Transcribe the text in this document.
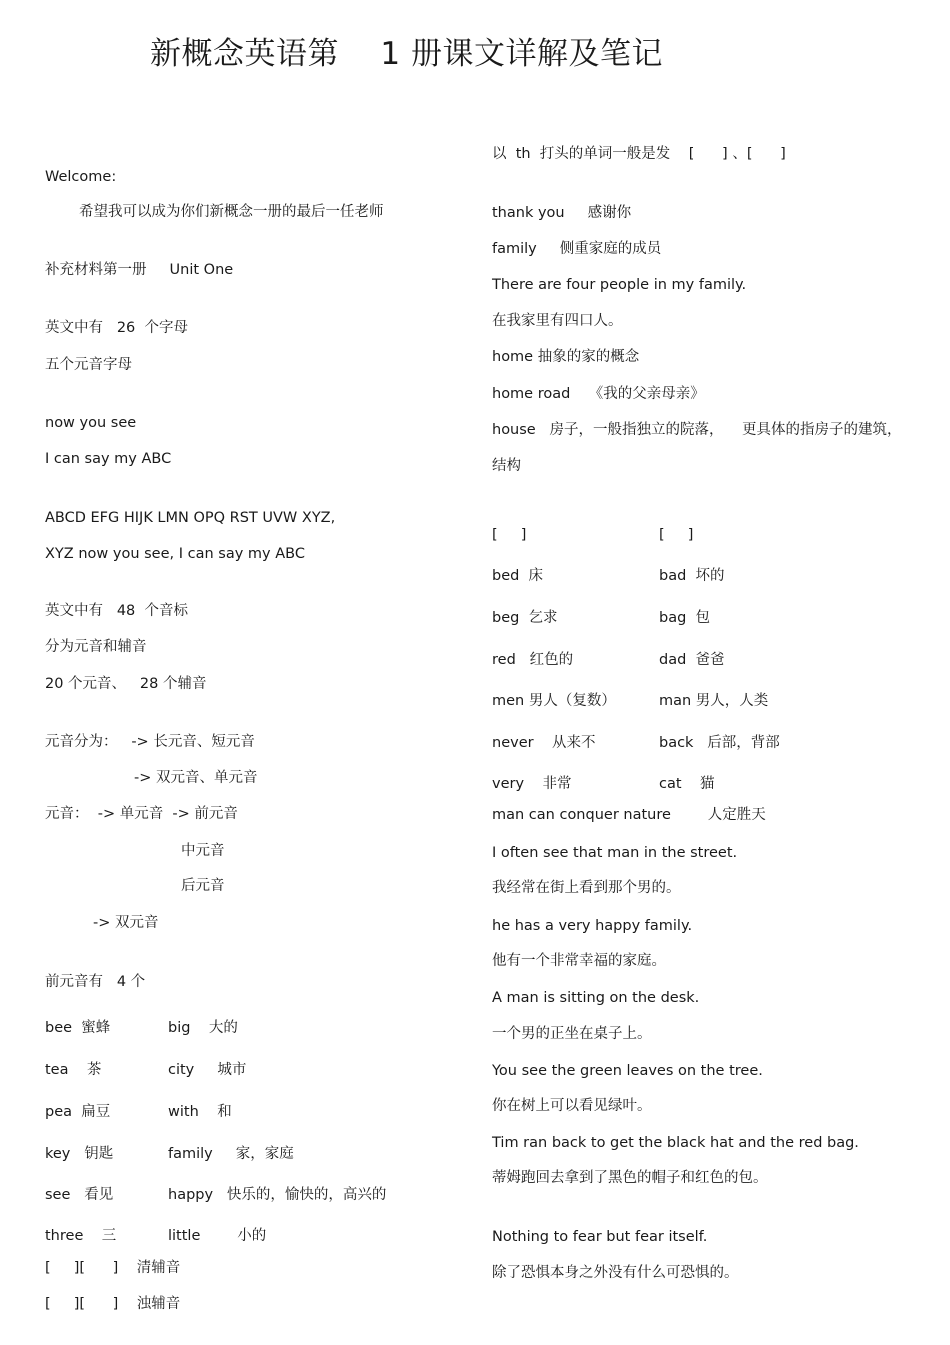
新概念英语第    1 册课文详解及笔记
Welcome:
希望我可以成为你们新概念一册的最后一任老师
补充材料第一册     Unit One
英文中有   26  个字母
五个元音字母
now you see
I can say my ABC
ABCD EFG HIJK LMN OPQ RST UVW XYZ,
XYZ now you see, I can say my ABC
英文中有   48  个音标
分为元音和辅音
20 个元音、   28 个辅音
元音分为：   -> 长元音、短元音
-> 双元音、单元音
元音：  -> 单元音  -> 前元音
中元音
后元音
-> 双元音
前元音有   4 个
bee  蜜蜂	big    大的
tea    茶	city     城市
pea  扁豆	with    和
key   钥匙	family     家，家庭
see   看见	happy   快乐的，愉快的，高兴的
three    三	little        小的
[     ][      ]    清辅音
[     ][      ]    浊辅音
以  th  打头的单词一般是发    [      ] 、[      ]
thank you     感谢你
family     侧重家庭的成员
There are four people in my family.
在我家里有四口人。
home 抽象的家的概念
home road    《我的父亲母亲》
house   房子，一般指独立的院落，    更具体的指房子的建筑，
结构
[     ]	[     ]
bed  床	bad  坏的
beg  乞求	bag  包
red   红色的	dad  爸爸
men 男人（复数）	man 男人，人类
never    从来不	back   后部，背部
very    非常	cat    猫
man can conquer nature        人定胜天
I often see that man in the street.
我经常在街上看到那个男的。
he has a very happy family.
他有一个非常幸福的家庭。
A man is sitting on the desk.
一个男的正坐在桌子上。
You see the green leaves on the tree.
你在树上可以看见绿叶。
Tim ran back to get the black hat and the red bag.
蒂姆跑回去拿到了黑色的帽子和红色的包。
Nothing to fear but fear itself.
除了恐惧本身之外没有什么可恐惧的。
